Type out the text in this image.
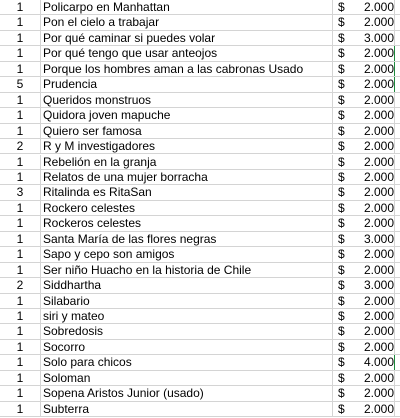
1	Policarpo en Manhattan	$	2.000
1	Pon el cielo a trabajar	$	2.000
1	Por qué caminar si puedes volar	$	3.000
1	Por qué tengo que usar anteojos	$	2.000
1	Porque los hombres aman a las cabronas Usado	$	2.000
5	Prudencia	$	2.000
1	Queridos monstruos	$	2.000
1	Quidora joven mapuche	$	2.000
1	Quiero ser famosa	$	2.000
2	R y M investigadores	$	2.000
1	Rebelión en la granja	$	2.000
1	Relatos de una mujer borracha	$	2.000
3	Ritalinda es RitaSan	$	2.000
1	Rockero celestes	$	2.000
1	Rockeros celestes	$	2.000
1	Santa María de las flores negras	$	3.000
1	Sapo y cepo son amigos	$	2.000
1	Ser niño Huacho en la historia de Chile	$	2.000
2	Siddhartha	$	3.000
1	Silabario	$	2.000
1	siri y mateo	$	2.000
1	Sobredosis	$	2.000
1	Socorro	$	2.000
1	Solo para chicos	$	4.000
1	Soloman	$	2.000
1	Sopena Aristos Junior (usado)	$	2.000
1	Subterra	$	2.000
